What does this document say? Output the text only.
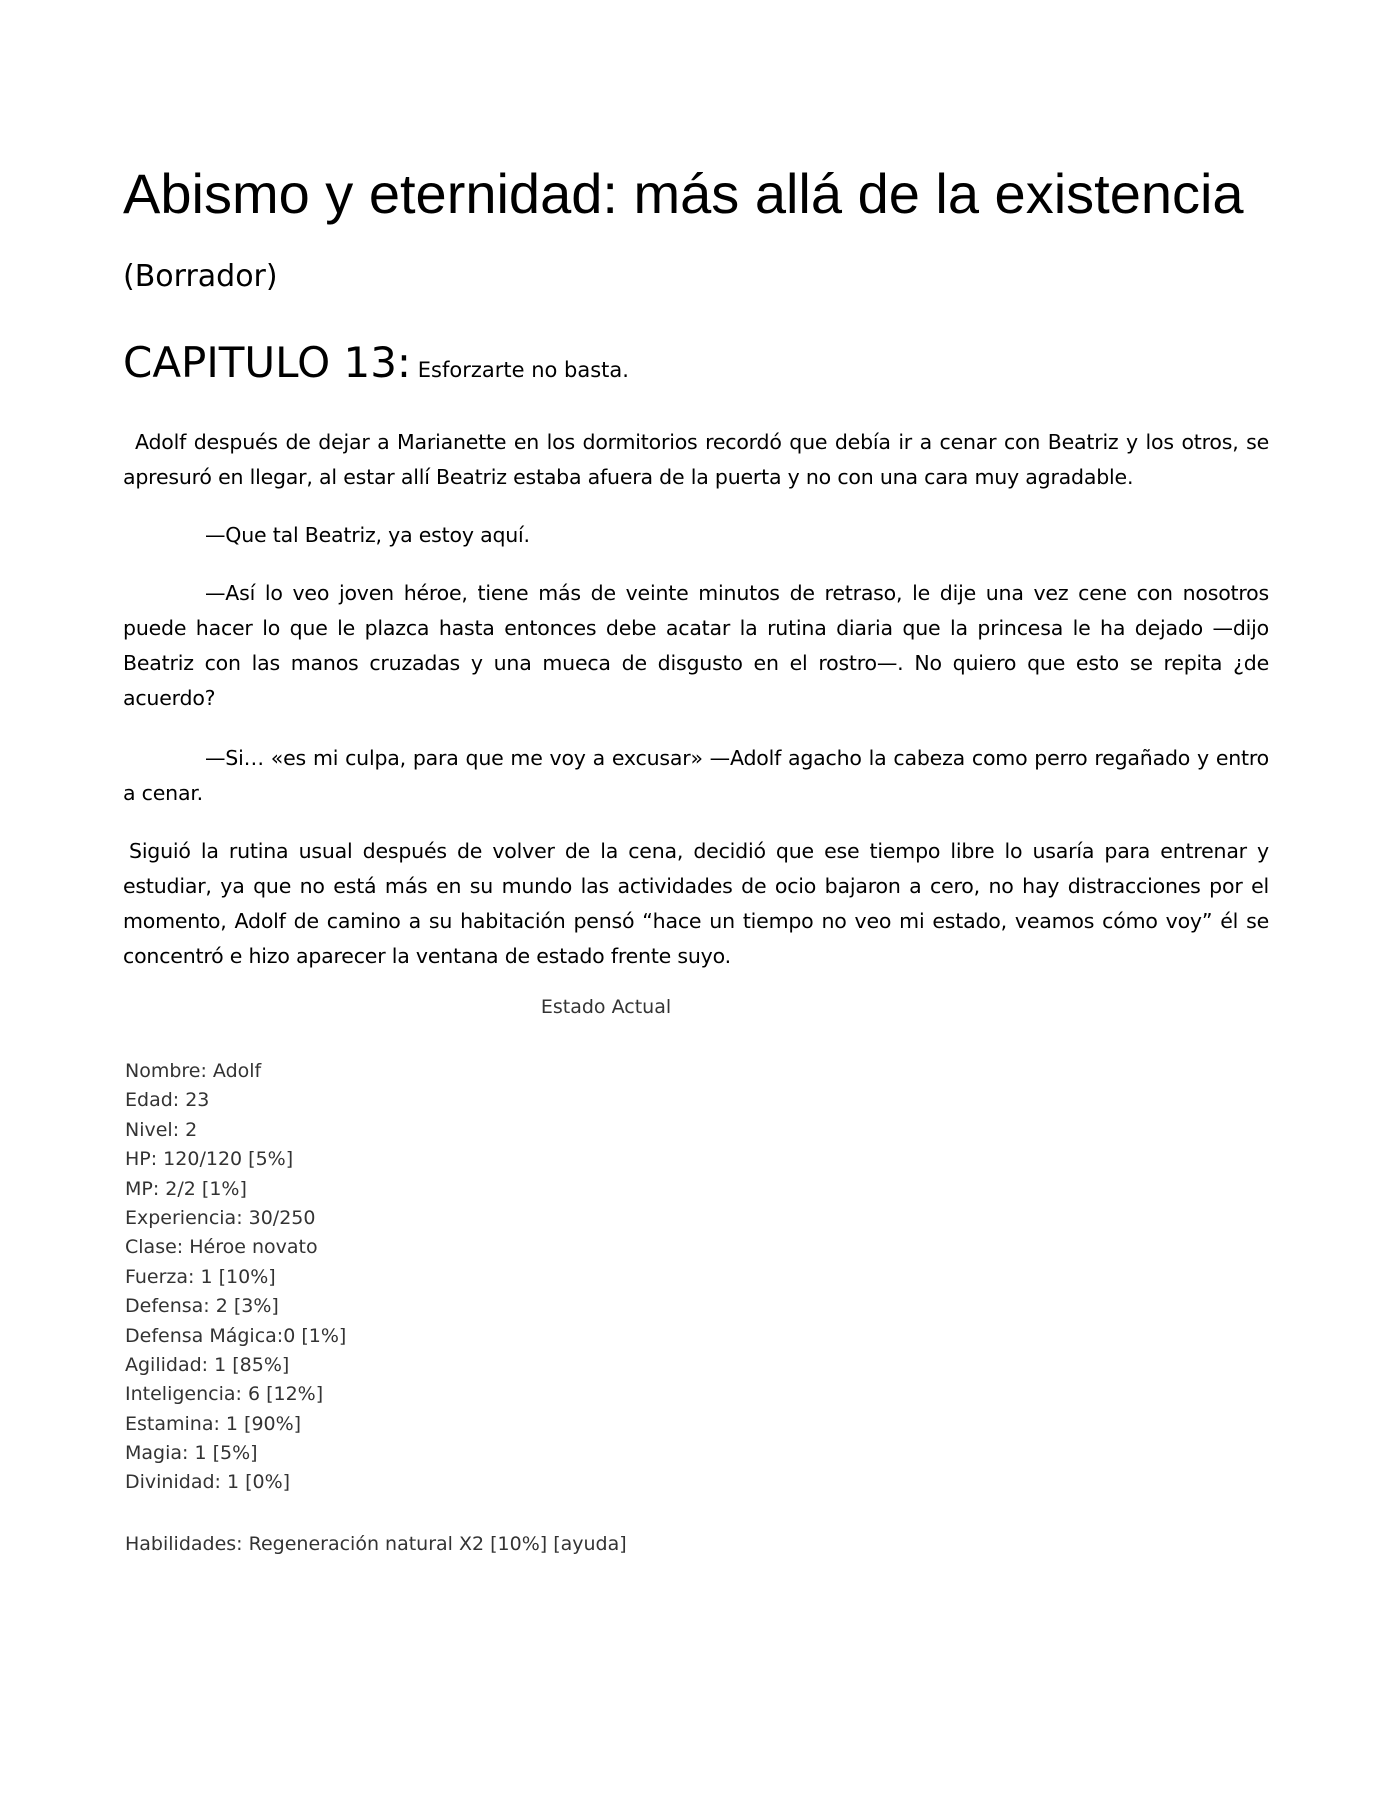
Abismo y eternidad: más allá de la existencia
(Borrador)
CAPITULO 13: Esforzarte no basta.

Adolf después de dejar a Marianette en los dormitorios recordó que debía ir a cenar con Beatriz y los otros, se apresuró en llegar, al estar allí Beatriz estaba afuera de la puerta y no con una cara muy agradable.

—Que tal Beatriz, ya estoy aquí.

—Así lo veo joven héroe, tiene más de veinte minutos de retraso, le dije una vez cene con nosotros puede hacer lo que le plazca hasta entonces debe acatar la rutina diaria que la princesa le ha dejado —dijo Beatriz con las manos cruzadas y una mueca de disgusto en el rostro—. No quiero que esto se repita ¿de acuerdo?

—Si… «es mi culpa, para que me voy a excusar» —Adolf agacho la cabeza como perro regañado y entro a cenar.

Siguió la rutina usual después de volver de la cena, decidió que ese tiempo libre lo usaría para entrenar y estudiar, ya que no está más en su mundo las actividades de ocio bajaron a cero, no hay distracciones por el momento, Adolf de camino a su habitación pensó “hace un tiempo no veo mi estado, veamos cómo voy” él se concentró e hizo aparecer la ventana de estado frente suyo.

Estado Actual
Nombre: Adolf
Edad: 23
Nivel: 2
HP: 120/120 [5%]
MP: 2/2 [1%]
Experiencia: 30/250
Clase: Héroe novato
Fuerza: 1 [10%]
Defensa: 2 [3%]
Defensa Mágica:0 [1%]
Agilidad: 1 [85%]
Inteligencia: 6 [12%]
Estamina: 1 [90%]
Magia: 1 [5%]
Divinidad: 1 [0%]
Habilidades: Regeneración natural X2 [10%] [ayuda]
